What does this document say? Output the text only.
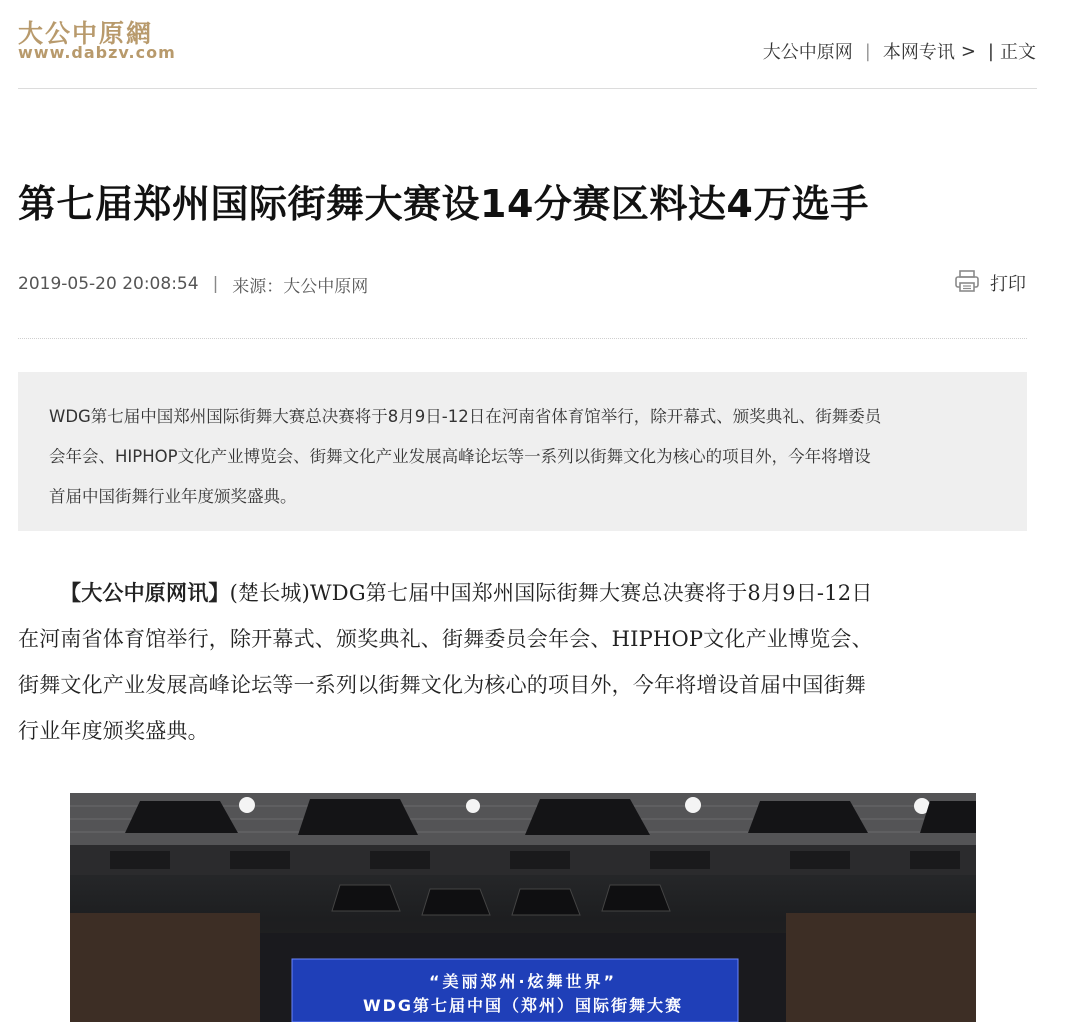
大公中原網
www.dabzv.com	大公中原网 | 本网专讯 > | 正文
第七届郑州国际街舞大赛设14分赛区料达4万选手
2019-05-20 20:08:54 | 来源：大公中原网	打印
WDG第七届中国郑州国际街舞大赛总决赛将于8月9日-12日在河南省体育馆举行，除开幕式、颁奖典礼、街舞委员
会年会、HIPHOP文化产业博览会、街舞文化产业发展高峰论坛等一系列以街舞文化为核心的项目外，今年将增设
首届中国街舞行业年度颁奖盛典。
【大公中原网讯】(楚长城)WDG第七届中国郑州国际街舞大赛总决赛将于8月9日-12日
在河南省体育馆举行，除开幕式、颁奖典礼、街舞委员会年会、HIPHOP文化产业博览会、
街舞文化产业发展高峰论坛等一系列以街舞文化为核心的项目外，今年将增设首届中国街舞
行业年度颁奖盛典。
“美丽郑州·炫舞世界”
WDG第七届中国（郑州）国际街舞大赛
